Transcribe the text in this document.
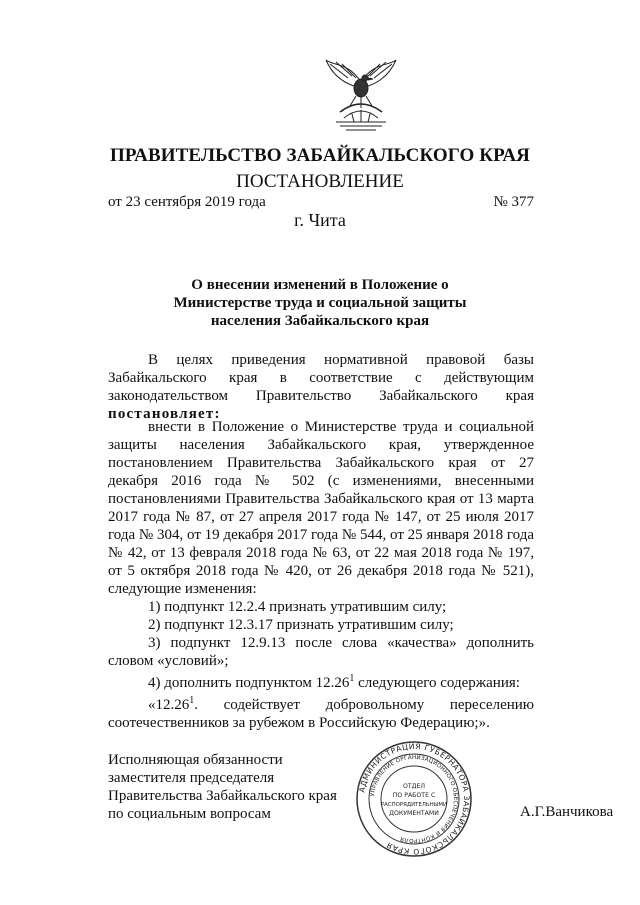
ПРАВИТЕЛЬСТВО ЗАБАЙКАЛЬСКОГО КРАЯ
ПОСТАНОВЛЕНИЕ
от 23 сентября 2019 года	№ 377
г. Чита
О внесении изменений в Положение о
Министерстве труда и социальной защиты
населения Забайкальского края

В целях приведения нормативной правовой базы Забайкальского края в соответствие с действующим законодательством Правительство Забайкальского края постановляет:

внести в Положение о Министерстве труда и социальной защиты населения Забайкальского края, утвержденное постановлением Правительства Забайкальского края от 27 декабря 2016 года № 502 (с изменениями, внесенными постановлениями Правительства Забайкальского края от 13 марта 2017 года № 87, от 27 апреля 2017 года № 147, от 25 июля 2017 года № 304, от 19 декабря 2017 года № 544, от 25 января 2018 года № 42, от 13 февраля 2018 года № 63, от 22 мая 2018 года № 197, от 5 октября 2018 года № 420, от 26 декабря 2018 года № 521), следующие изменения:

1) подпункт 12.2.4 признать утратившим силу;

2) подпункт 12.3.17 признать утратившим силу;

3) подпункт 12.9.13 после слова «качества» дополнить словом «условий»;

4) дополнить подпунктом 12.26$^1$ следующего содержания:

«12.26$^1$. содействует добровольному переселению соотечественников за рубежом в Российскую Федерацию;».

Исполняющая обязанности
заместителя председателя
Правительства Забайкальского края
по социальным вопросам
АДМИНИСТРАЦИЯ ГУБЕРНАТОРА ЗАБАЙКАЛЬСКОГО КРАЯ
УПРАВЛЕНИЕ ОРГАНИЗАЦИОННОГО ОБЕСПЕЧЕНИЯ И КОНТРОЛЯ
ОТДЕЛ
ПО РАБОТЕ С
РАСПОРЯДИТЕЛЬНЫМИ
ДОКУМЕНТАМИ	А.Г.Ванчикова
